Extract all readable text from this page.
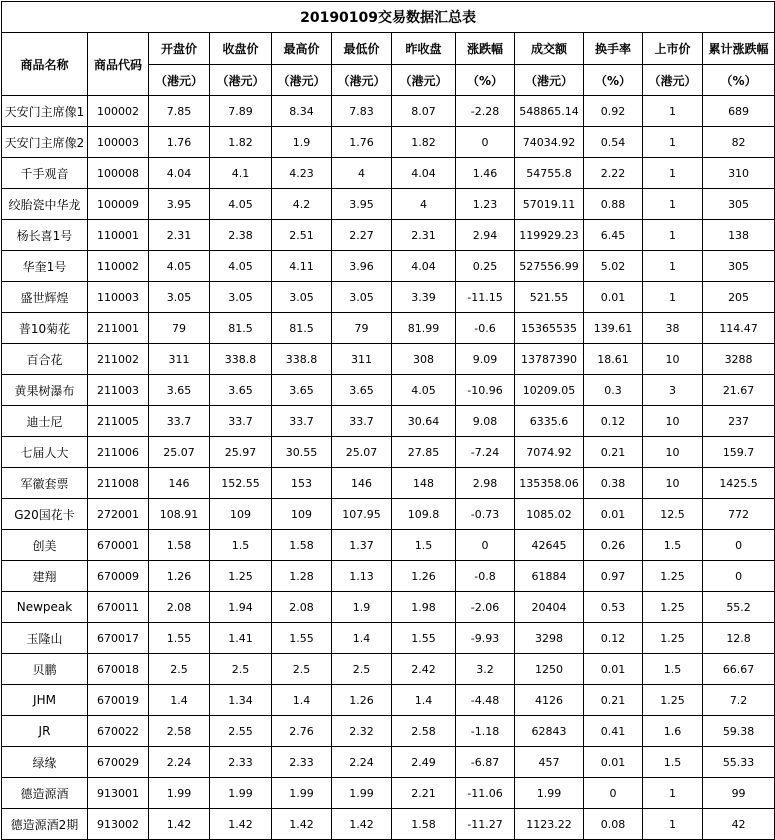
20190109交易数据汇总表											
商品名称	商品代码	开盘价	收盘价	最高价	最低价	昨收盘	涨跌幅	成交额	换手率	上市价	累计涨跌幅
		（港元）	（港元）	（港元）	（港元）	（港元）	（%）	（港元）	（%）	（港元）	（%）
天安门主席像1	100002	7.85	7.89	8.34	7.83	8.07	-2.28	548865.14	0.92	1	689
天安门主席像2	100003	1.76	1.82	1.9	1.76	1.82	0	74034.92	0.54	1	82
千手观音	100008	4.04	4.1	4.23	4	4.04	1.46	54755.8	2.22	1	310
绞胎瓷中华龙	100009	3.95	4.05	4.2	3.95	4	1.23	57019.11	0.88	1	305
杨长喜1号	110001	2.31	2.38	2.51	2.27	2.31	2.94	119929.23	6.45	1	138
华奎1号	110002	4.05	4.05	4.11	3.96	4.04	0.25	527556.99	5.02	1	305
盛世辉煌	110003	3.05	3.05	3.05	3.05	3.39	-11.15	521.55	0.01	1	205
普10菊花	211001	79	81.5	81.5	79	81.99	-0.6	15365535	139.61	38	114.47
百合花	211002	311	338.8	338.8	311	308	9.09	13787390	18.61	10	3288
黄果树瀑布	211003	3.65	3.65	3.65	3.65	4.05	-10.96	10209.05	0.3	3	21.67
迪士尼	211005	33.7	33.7	33.7	33.7	30.64	9.08	6335.6	0.12	10	237
七届人大	211006	25.07	25.97	30.55	25.07	27.85	-7.24	7074.92	0.21	10	159.7
军徽套票	211008	146	152.55	153	146	148	2.98	135358.06	0.38	10	1425.5
G20国花卡	272001	108.91	109	109	107.95	109.8	-0.73	1085.02	0.01	12.5	772
创美	670001	1.58	1.5	1.58	1.37	1.5	0	42645	0.26	1.5	0
建翔	670009	1.26	1.25	1.28	1.13	1.26	-0.8	61884	0.97	1.25	0
Newpeak	670011	2.08	1.94	2.08	1.9	1.98	-2.06	20404	0.53	1.25	55.2
玉隆山	670017	1.55	1.41	1.55	1.4	1.55	-9.93	3298	0.12	1.25	12.8
贝鹏	670018	2.5	2.5	2.5	2.5	2.42	3.2	1250	0.01	1.5	66.67
JHM	670019	1.4	1.34	1.4	1.26	1.4	-4.48	4126	0.21	1.25	7.2
JR	670022	2.58	2.55	2.76	2.32	2.58	-1.18	62843	0.41	1.6	59.38
绿缘	670029	2.24	2.33	2.33	2.24	2.49	-6.87	457	0.01	1.5	55.33
德造源酒	913001	1.99	1.99	1.99	1.99	2.21	-11.06	1.99	0	1	99
德造源酒2期	913002	1.42	1.42	1.42	1.42	1.58	-11.27	1123.22	0.08	1	42
